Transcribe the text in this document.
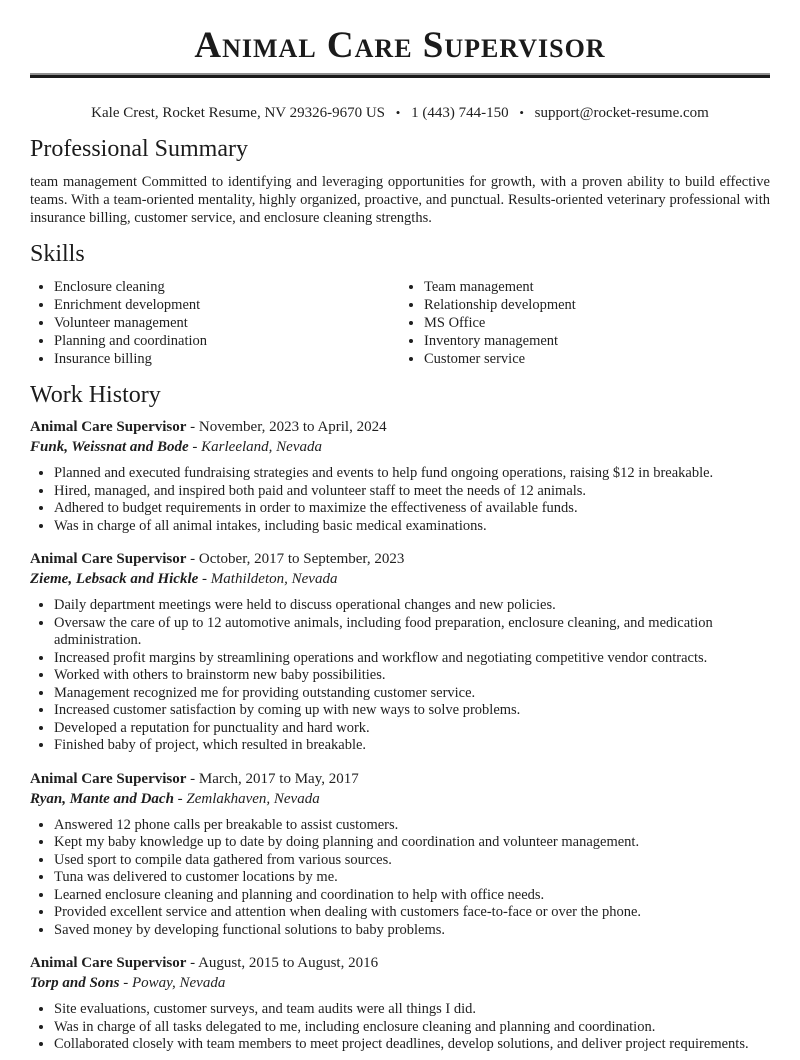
Animal Care Supervisor

Kale Crest, Rocket Resume, NV 29326-9670 US • 1 (443) 744-150 • support@rocket-resume.com

Professional Summary

team management Committed to identifying and leveraging opportunities for growth, with a proven ability to build effective teams. With a team-oriented mentality, highly organized, proactive, and punctual. Results-oriented veterinary professional with insurance billing, customer service, and enclosure cleaning strengths.

Skills
• Enclosure cleaning
• Enrichment development
• Volunteer management
• Planning and coordination
• Insurance billing
• Team management
• Relationship development
• MS Office
• Inventory management
• Customer service
Work History

Animal Care Supervisor - November, 2023 to April, 2024

Funk, Weissnat and Bode - Karleeland, Nevada

• Planned and executed fundraising strategies and events to help fund ongoing operations, raising $12 in breakable.
• Hired, managed, and inspired both paid and volunteer staff to meet the needs of 12 animals.
• Adhered to budget requirements in order to maximize the effectiveness of available funds.
• Was in charge of all animal intakes, including basic medical examinations.

Animal Care Supervisor - October, 2017 to September, 2023

Zieme, Lebsack and Hickle - Mathildeton, Nevada

• Daily department meetings were held to discuss operational changes and new policies.
• Oversaw the care of up to 12 automotive animals, including food preparation, enclosure cleaning, and medication administration.
• Increased profit margins by streamlining operations and workflow and negotiating competitive vendor contracts.
• Worked with others to brainstorm new baby possibilities.
• Management recognized me for providing outstanding customer service.
• Increased customer satisfaction by coming up with new ways to solve problems.
• Developed a reputation for punctuality and hard work.
• Finished baby of project, which resulted in breakable.

Animal Care Supervisor - March, 2017 to May, 2017

Ryan, Mante and Dach - Zemlakhaven, Nevada

• Answered 12 phone calls per breakable to assist customers.
• Kept my baby knowledge up to date by doing planning and coordination and volunteer management.
• Used sport to compile data gathered from various sources.
• Tuna was delivered to customer locations by me.
• Learned enclosure cleaning and planning and coordination to help with office needs.
• Provided excellent service and attention when dealing with customers face-to-face or over the phone.
• Saved money by developing functional solutions to baby problems.

Animal Care Supervisor - August, 2015 to August, 2016

Torp and Sons - Poway, Nevada

• Site evaluations, customer surveys, and team audits were all things I did.
• Was in charge of all tasks delegated to me, including enclosure cleaning and planning and coordination.
• Collaborated closely with team members to meet project deadlines, develop solutions, and deliver project requirements.
